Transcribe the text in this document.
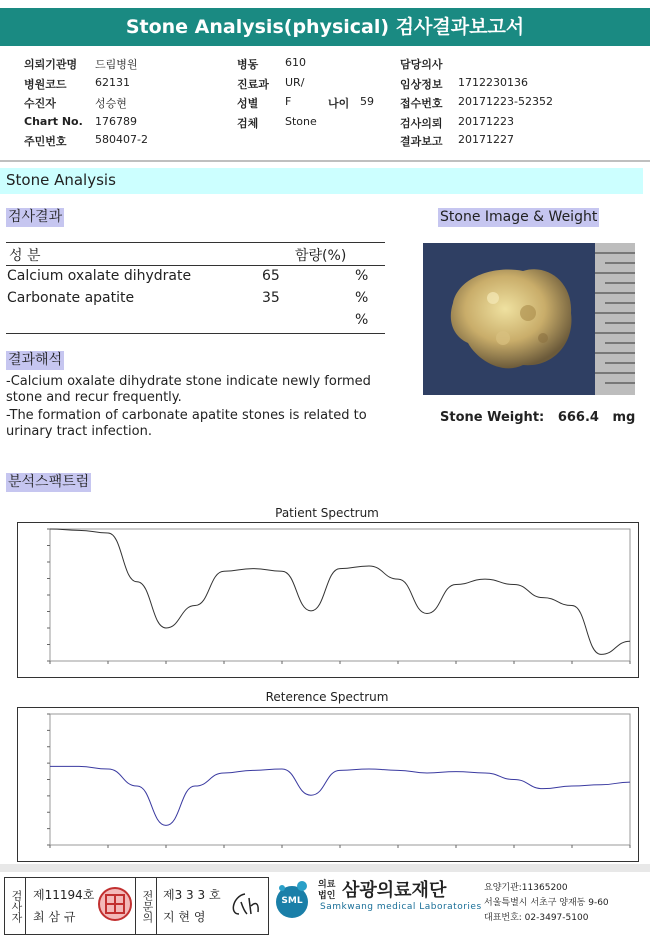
Stone Analysis(physical) 검사결과보고서
의뢰기관명 드림병원
병원코드	62131
수진자	성승현
Chart No. 176789
주민번호	580407-2
병동 610
진료과 UR/
성별 F	나이 59
검체 Stone
담당의사
임상정보 1712230136
접수번호 20171223-52352
검사의뢰 20171223
결과보고 20171227
Stone Analysis
검사결과
성 분	함량(%)
Calcium oxalate dihydrate	65	%
Carbonate apatite	35	%
%
Stone Image & Weight
Stone Weight: 666.4 mg
결과해석
-Calcium oxalate dihydrate stone indicate newly formed
stone and recur frequently.
-The formation of carbonate apatite stones is related to
urinary tract infection.
분석스팩트럼
Patient Spectrum
Reterence Spectrum
검사자 제11194호
최 삼 규	전문의 제3 3 3 호
지 현 영
SML
의료
법인 삼광의료재단
Samkwang medical Laboratories
요양기관:11365200
서울특별시 서초구 양재동 9-60
대표번호: 02-3497-5100
